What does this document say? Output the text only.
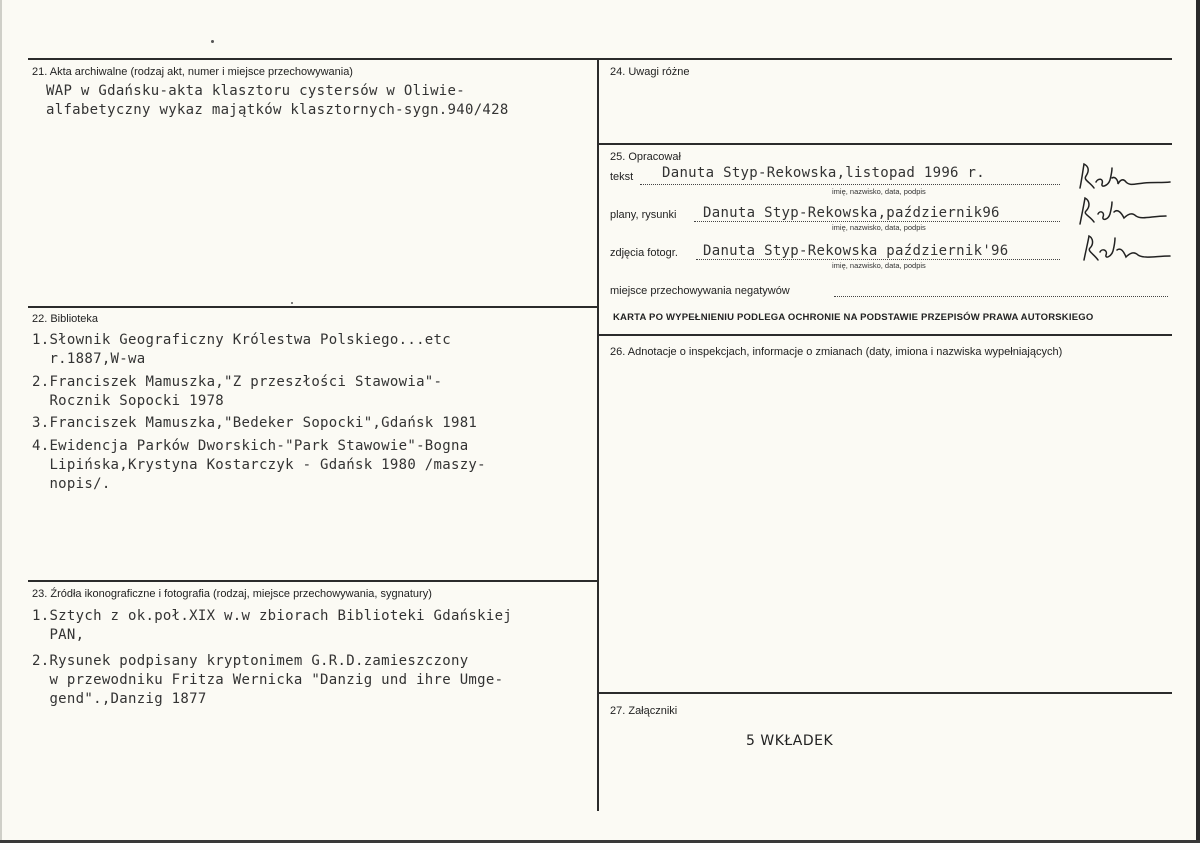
21. Akta archiwalne (rodzaj akt, numer i miejsce przechowywania)
WAP w Gdańsku-akta klasztoru cystersów w Oliwie-
alfabetyczny wykaz majątków klasztornych-sygn.940/428
22. Biblioteka
1.Słownik Geograficzny Królestwa Polskiego...etc
r.1887,W-wa
2.Franciszek Mamuszka,"Z przeszłości Stawowia"-
Rocznik Sopocki 1978
3.Franciszek Mamuszka,"Bedeker Sopocki",Gdańsk 1981
4.Ewidencja Parków Dworskich-"Park Stawowie"-Bogna
Lipińska,Krystyna Kostarczyk - Gdańsk 1980 /maszy-
nopis/.
23. Źródła ikonograficzne i fotografia (rodzaj, miejsce przechowywania, sygnatury)
1.Sztych z ok.poł.XIX w.w zbiorach Biblioteki Gdańskiej
PAN,
2.Rysunek podpisany kryptonimem G.R.D.zamieszczony
w przewodniku Fritza Wernicka "Danzig und ihre Umge-
gend".,Danzig 1877
24. Uwagi różne
25. Opracował
tekst Danuta Styp-Rekowska,listopad 1996 r.
imię, nazwisko, data, podpis
plany, rysunki Danuta Styp-Rekowska,październik96
imię, nazwisko, data, podpis
zdjęcia fotogr. Danuta Styp-Rekowska październik'96
imię, nazwisko, data, podpis
miejsce przechowywania negatywów
KARTA PO WYPEŁNIENIU PODLEGA OCHRONIE NA PODSTAWIE PRZEPISÓW PRAWA AUTORSKIEGO
26. Adnotacje o inspekcjach, informacje o zmianach (daty, imiona i nazwiska wypełniających)
27. Załączniki
5 WKŁADEK
